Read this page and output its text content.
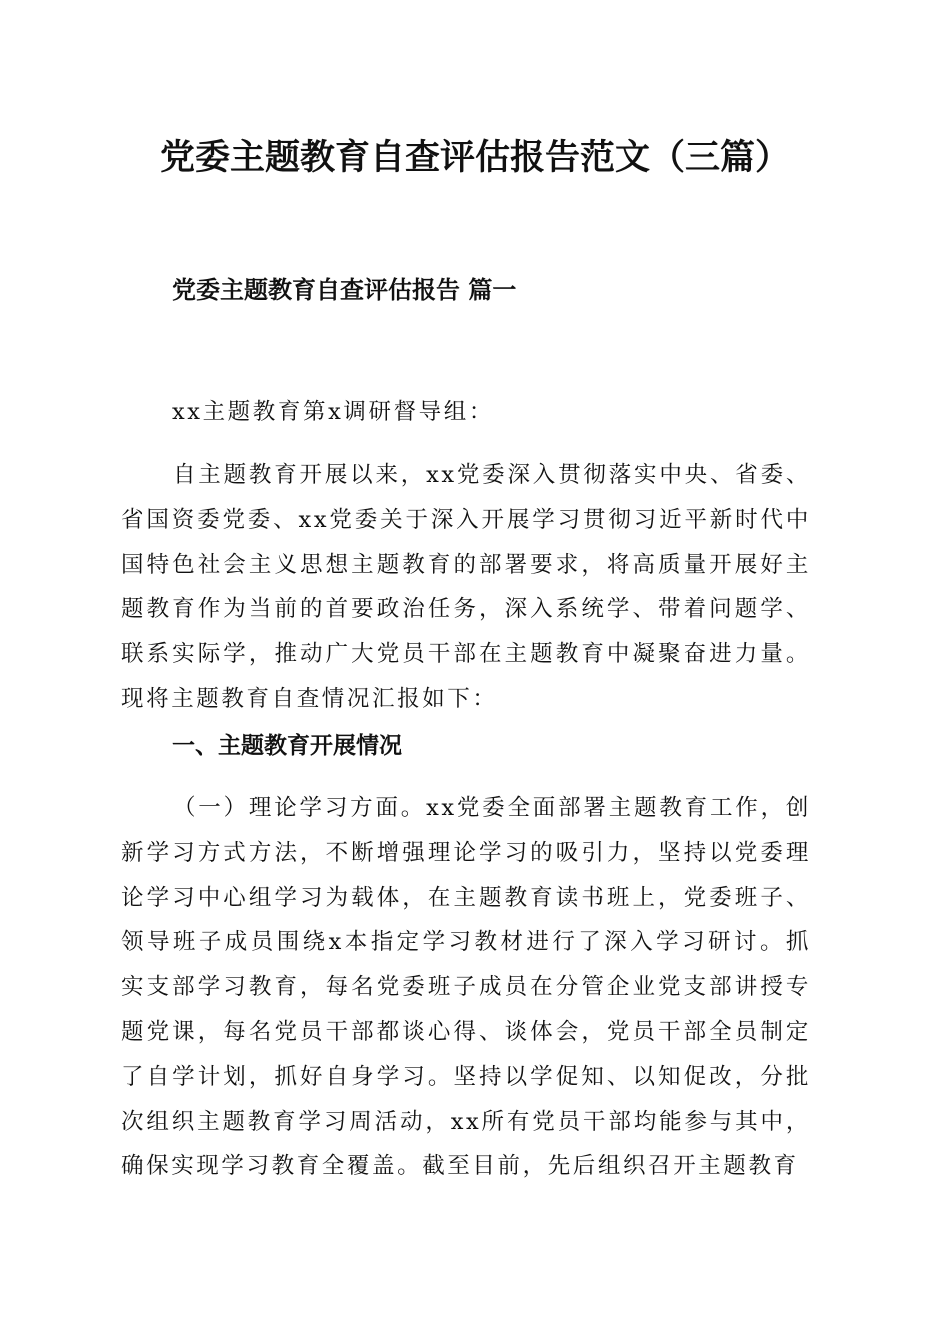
党委主题教育自查评估报告范文（三篇）
党委主题教育自查评估报告 篇一
xx主题教育第x调研督导组：

自主题教育开展以来，xx党委深入贯彻落实中央、省委、省国资委党委、xx党委关于深入开展学习贯彻习近平新时代中国特色社会主义思想主题教育的部署要求，将高质量开展好主题教育作为当前的首要政治任务，深入系统学、带着问题学、联系实际学，推动广大党员干部在主题教育中凝聚奋进力量。现将主题教育自查情况汇报如下：

一、主题教育开展情况

（一）理论学习方面。xx党委全面部署主题教育工作，创新学习方式方法，不断增强理论学习的吸引力，坚持以党委理论学习中心组学习为载体，在主题教育读书班上，党委班子、领导班子成员围绕x本指定学习教材进行了深入学习研讨。抓实支部学习教育，每名党委班子成员在分管企业党支部讲授专题党课，每名党员干部都谈心得、谈体会，党员干部全员制定了自学计划，抓好自身学习。坚持以学促知、以知促改，分批次组织主题教育学习周活动，xx所有党员干部均能参与其中，确保实现学习教育全覆盖。截至目前，先后组织召开主题教育
